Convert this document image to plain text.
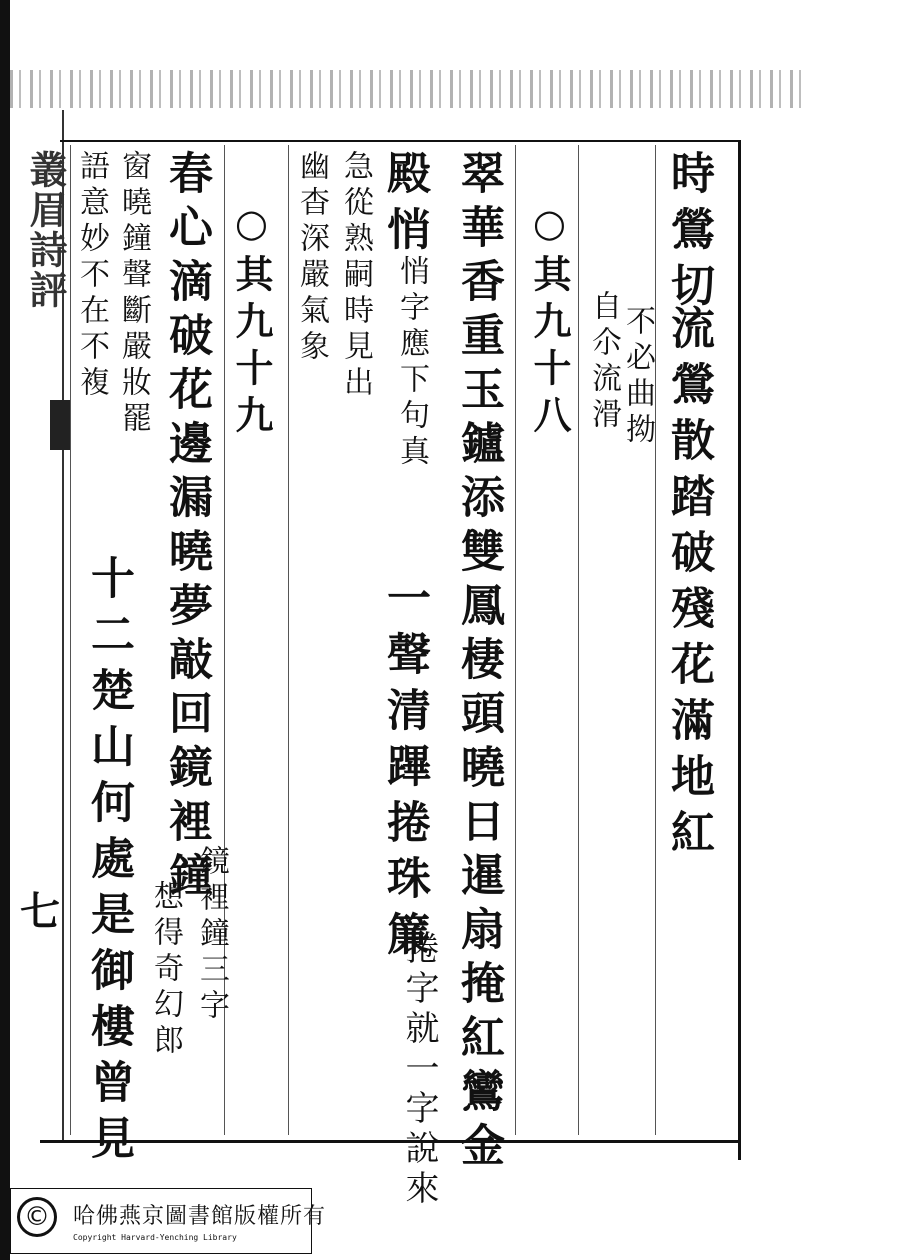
叢眉詩評
七
時鶯切
流鶯散踏破殘花滿地紅
不必曲拗
自尒流滑
○其九十八
翠華香重玉鑪添雙鳳棲頭曉日暹扇掩紅鸞金
殿悄
悄字應下句真
一聲清蹕捲珠簾
捲字就一字說來
急從熟嗣時見出
幽杳深嚴氣象
○其九十九
春心滴破花邊漏曉夢敲回鏡裡鐘
鏡裡鐘三字
想得奇幻郎
窗曉鐘聲斷嚴妝罷
十二楚山何處是御樓曾見
語意妙不在不複
©	哈佛燕京圖書館版權所有
Copyright Harvard-Yenching Library
